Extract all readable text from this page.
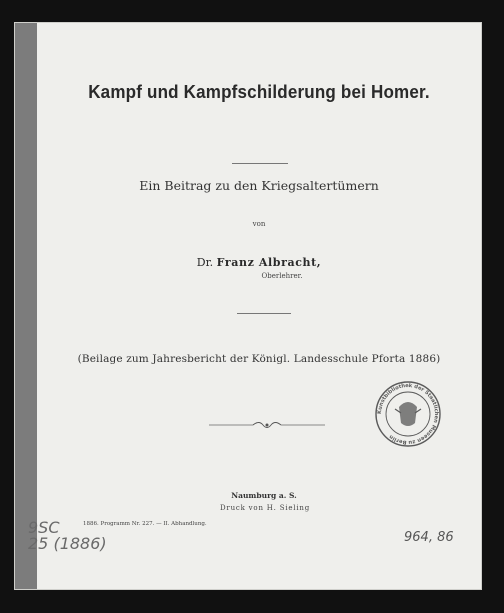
Kampf und Kampfschilderung bei Homer.
Ein Beitrag zu den Kriegsaltertümern
von
Dr. Franz Albracht,
Oberlehrer.
(Beilage zum Jahresbericht der Königl. Landesschule Pforta 1886)
Kunstbibliothek der Staatlichen Museen zu Berlin
Naumburg a. S.
Druck von H. Sieling
1886. Programm Nr. 227. — II. Abhandlung.
9SC
25 (1886)	964, 86
